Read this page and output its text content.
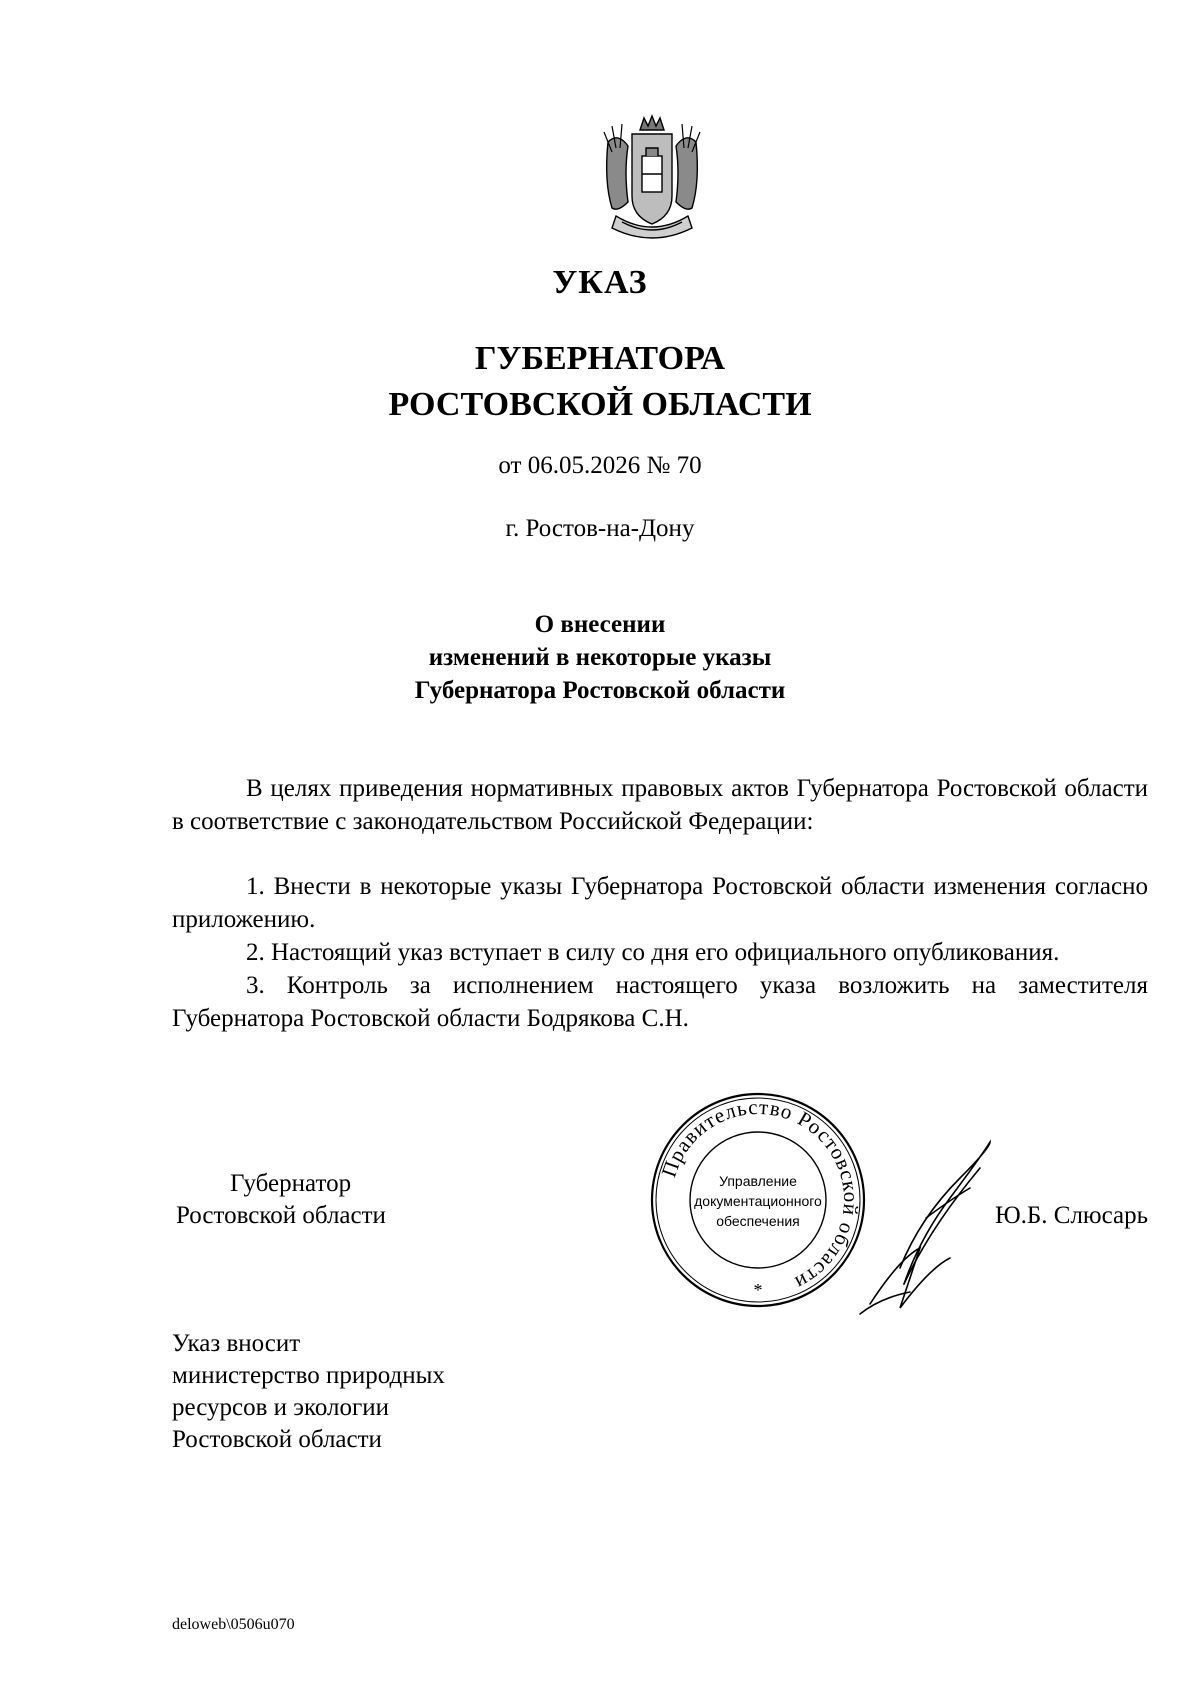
УКАЗ
ГУБЕРНАТОРА
РОСТОВСКОЙ ОБЛАСТИ
от 06.05.2026 № 70
г. Ростов-на-Дону
О внесении
изменений в некоторые указы
Губернатора Ростовской области

В целях приведения нормативных правовых актов Губернатора Ростовской области в соответствие с законодательством Российской Федерации:

1. Внести в некоторые указы Губернатора Ростовской области изменения согласно приложению.

2. Настоящий указ вступает в силу со дня его официального опубликования.

3. Контроль за исполнением настоящего указа возложить на заместителя Губернатора Ростовской области Бодрякова С.Н.

Губернатор
Ростовской области
Правительство Ростовской области
Управление
документационного
обеспечения
*
Ю.Б. Слюсарь
Указ вносит
министерство природных
ресурсов и экологии
Ростовской области
deloweb\0506u070
